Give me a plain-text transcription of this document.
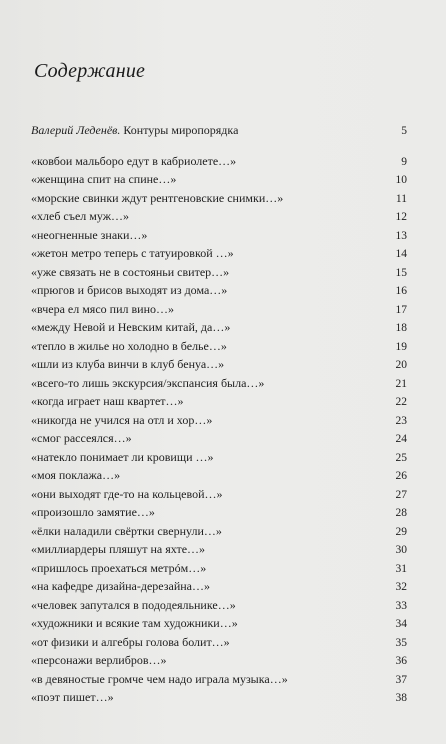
Содержание
Валерий Леденёв. Контуры миропорядка	5
«ковбои мальборо едут в кабриолете…»	9
«женщина спит на спине…»	10
«морские свинки ждут рентгеновские снимки…»	11
«хлеб съел муж…»	12
«неогненные знаки…»	13
«жетон метро теперь с татуировкой …»	14
«уже связать не в состояньи свитер…»	15
«прюгов и брисов выходят из дома…»	16
«вчера ел мясо пил вино…»	17
«между Невой и Невским китай, да…»	18
«тепло в жилье но холодно в белье…»	19
«шли из клуба винчи в клуб бенуа…»	20
«всего-то лишь экскурсия/экспансия была…»	21
«когда играет наш квартет…»	22
«никогда не учился на отл и хор…»	23
«смог рассеялся…»	24
«натекло понимает ли кровищи …»	25
«моя поклажа…»	26
«они выходят где-то на кольцевой…»	27
«произошло замятие…»	28
«ёлки наладили свёртки свернули…»	29
«миллиардеры пляшут на яхте…»	30
«пришлось проехаться метрóм…»	31
«на кафедре дизайна-дерезайна…»	32
«человек запутался в пододеяльнике…»	33
«художники и всякие там художники…»	34
«от физики и алгебры голова болит…»	35
«персонажи верлибров…»	36
«в девяностые громче чем надо играла музыка…»	37
«поэт пишет…»	38
